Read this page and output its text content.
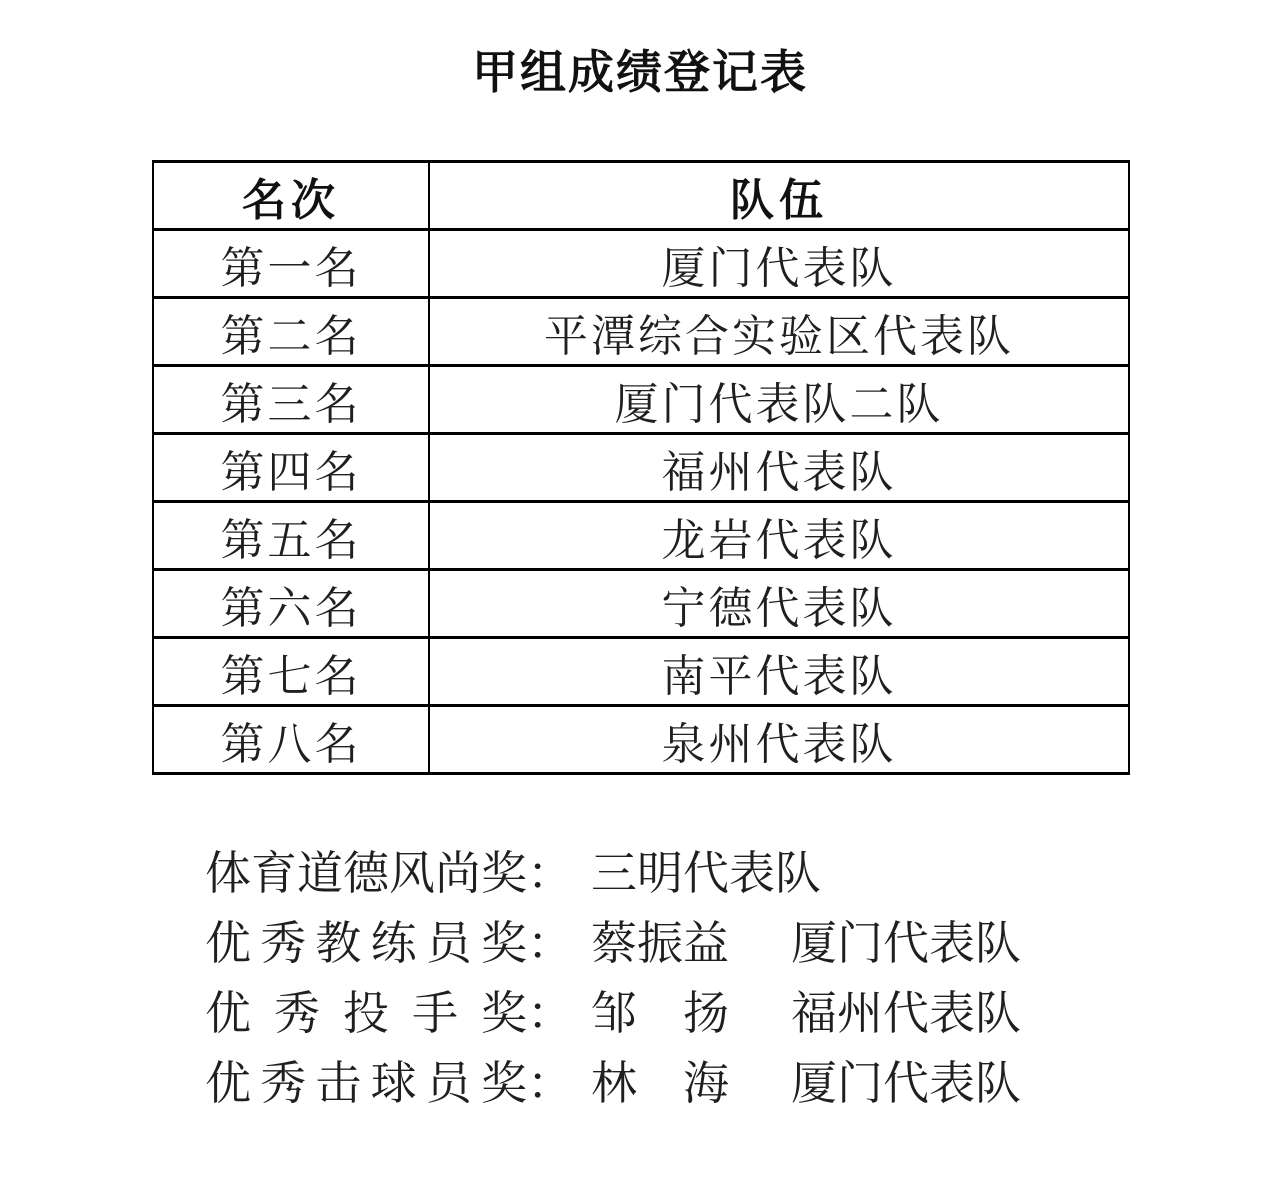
甲组成绩登记表
名次	队伍
第一名	厦门代表队
第二名	平潭综合实验区代表队
第三名	厦门代表队二队
第四名	福州代表队
第五名	龙岩代表队
第六名	宁德代表队
第七名	南平代表队
第八名	泉州代表队
体育道德风尚奖： 三明代表队
优秀教练员奖： 蔡振益 厦门代表队
优秀投手奖： 邹　扬 福州代表队
优秀击球员奖： 林　海 厦门代表队
